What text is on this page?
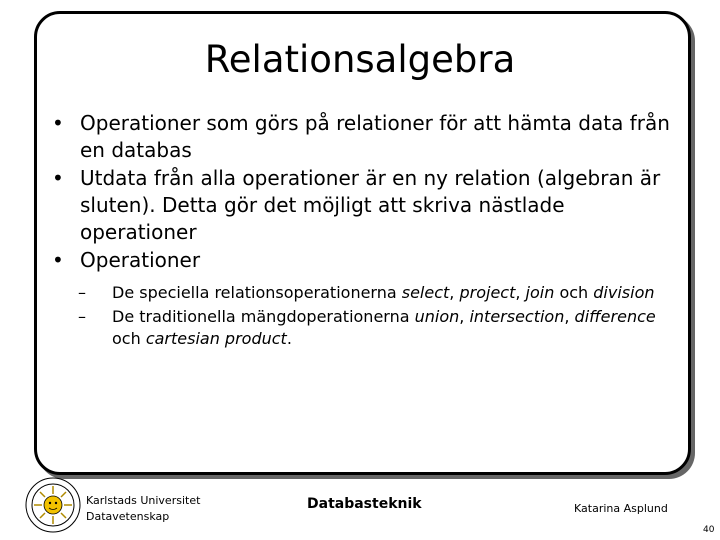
Relationsalgebra
• Operationer som görs på relationer för att hämta data från en databas
• Utdata från alla operationer är en ny relation (algebran är sluten). Detta gör det möjligt att skriva nästlade operationer
• Operationer
– De speciella relationsoperationerna select, project, join och division
– De traditionella mängdoperationerna union, intersection, difference och cartesian product.
Karlstads Universitet
Datavetenskap
Databasteknik	Katarina Asplund
40
